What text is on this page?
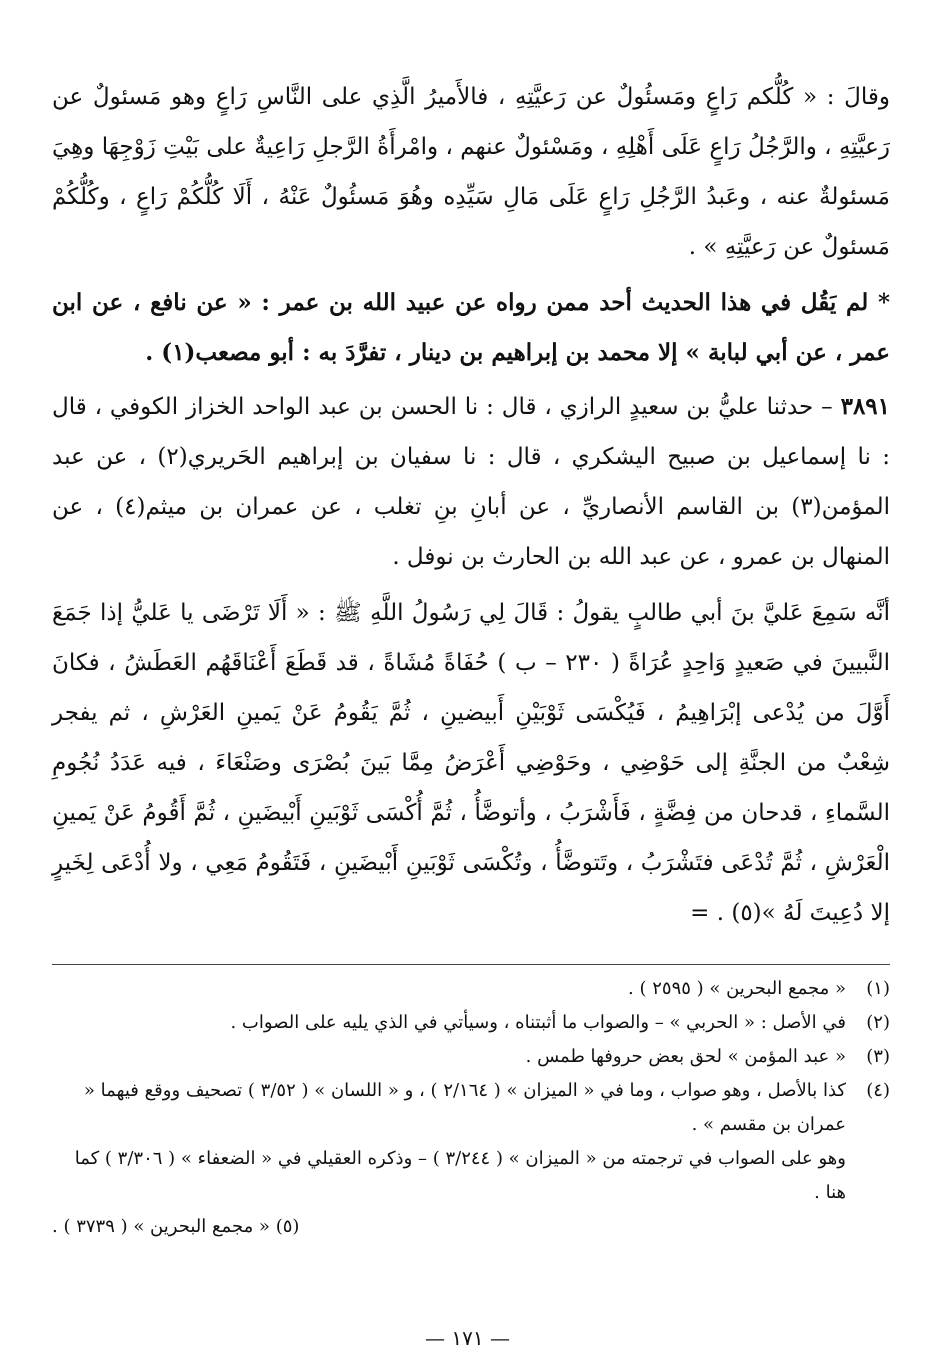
وقالَ : « كُلُّكم رَاعٍ ومَسئُولٌ عن رَعيَّتِهِ ، فالأَميرُ الَّذِي على النَّاسِ رَاعٍ وهو مَسئولٌ عن رَعيَّتِهِ ، والرَّجُلُ رَاعٍ عَلَى أَهْلِهِ ، ومَسْئولٌ عنهم ، وامْرأَةُ الرَّجلِ رَاعِيةٌ على بَيْتِ زَوْجِهَا وهِيَ مَسئولةٌ عنه ، وعَبدُ الرَّجُلِ رَاعٍ عَلَى مَالِ سَيِّدِه وهُوَ مَسئُولٌ عَنْهُ ، أَلَا كُلُّكُمْ رَاعٍ ، وكُلُّكُمْ مَسئولٌ عن رَعيَّتِهِ » .

* لم يَقُل في هذا الحديث أحد ممن رواه عن عبيد الله بن عمر : « عن نافع ، عن ابن عمر ، عن أبي لبابة » إلا محمد بن إبراهيم بن دينار ، تفرَّدَ به : أبو مصعب(١) .

٣٨٩١ – حدثنا عليُّ بن سعيدٍ الرازي ، قال : نا الحسن بن عبد الواحد الخزاز الكوفي ، قال : نا إسماعيل بن صبيح اليشكري ، قال : نا سفيان بن إبراهيم الحَريري(٢) ، عن عبد المؤمن(٣) بن القاسم الأنصاريِّ ، عن أبانِ بنِ تغلب ، عن عمران بن ميثم(٤) ، عن المنهال بن عمرو ، عن عبد الله بن الحارث بن نوفل .

أنَّه سَمِعَ عَليَّ بنَ أبي طالبٍ يقولُ : قَالَ لِي رَسُولُ اللَّهِ ﷺ : « أَلَا تَرْضَى يا عَليُّ إذا جَمَعَ النَّبيينَ في صَعيدٍ وَاحِدٍ عُرَاةً ( ٢٣٠ – ب ) حُفَاةً مُشَاةً ، قد قَطَعَ أَعْنَاقَهُم العَطَشُ ، فكانَ أَوَّلَ من يُدْعى إبْرَاهِيمُ ، فَيُكْسَى ثَوْبَيْنِ أَبيضينِ ، ثُمَّ يَقُومُ عَنْ يَمينِ العَرْشِ ، ثم يفجر شِعْبٌ من الجنَّةِ إلى حَوْضِي ، وحَوْضِي أَعْرَضُ مِمَّا بَينَ بُصْرَى وصَنْعَاءَ ، فيه عَدَدُ نُجُومِ السَّماءِ ، قدحان من فِضَّةٍ ، فَأَشْرَبُ ، وأتوضَّأُ ، ثُمَّ أُكْسَى ثَوْبَينِ أَبْيضَينِ ، ثُمَّ أَقُومُ عَنْ يَمينِ الْعَرْشِ ، ثُمَّ تُدْعَى فتَشْرَبُ ، وتَتوضَّأُ ، وتُكْسَى ثَوْبَينِ أَبْيضَينِ ، فَتَقُومُ مَعِي ، ولا أُدْعَى لِخَيرٍ إلا دُعِيتَ لَهُ »(٥) . =

(١)
« مجمع البحرين » ( ٢٥٩٥ ) .
(٢)
في الأصل : « الحربي » – والصواب ما أثبتناه ، وسيأتي في الذي يليه على الصواب .
(٣)
« عبد المؤمن » لحق بعض حروفها طمس .
(٤)
كذا بالأصل ، وهو صواب ، وما في « الميزان » ( ٢/١٦٤ ) ، و « اللسان » ( ٣/٥٢ ) تصحيف ووقع فيهما « عمران بن مقسم » .
وهو على الصواب في ترجمته من « الميزان » ( ٣/٢٤٤ ) – وذكره العقيلي في « الضعفاء » ( ٣/٣٠٦ ) كما هنا .
(٥) « مجمع البحرين » ( ٣٧٣٩ ) .
— ١٧١ —
